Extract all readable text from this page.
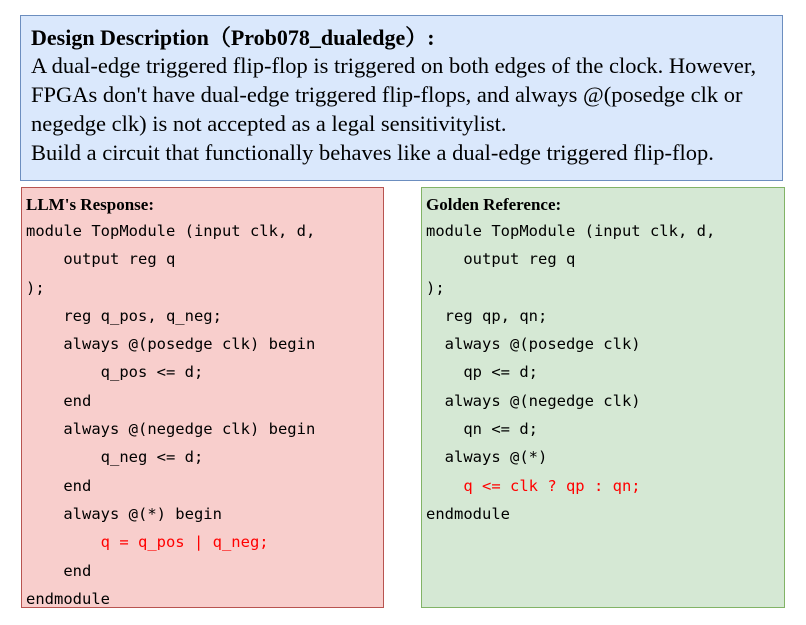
Design Description（Prob078_dualedge）:
A dual-edge triggered flip-flop is triggered on both edges of the clock. However,
FPGAs don't have dual-edge triggered flip-flops, and always @(posedge clk or
negedge clk) is not accepted as a legal sensitivitylist.
Build a circuit that functionally behaves like a dual-edge triggered flip-flop.
LLM's Response:
module TopModule (input clk, d,
output reg q
);
reg q_pos, q_neg;
always @(posedge clk) begin
q_pos <= d;
end
always @(negedge clk) begin
q_neg <= d;
end
always @(*) begin
q = q_pos | q_neg;
end
endmodule
Golden Reference:
module TopModule (input clk, d,
output reg q
);
reg qp, qn;
always @(posedge clk)
qp <= d;
always @(negedge clk)
qn <= d;
always @(*)
q <= clk ? qp : qn;
endmodule
